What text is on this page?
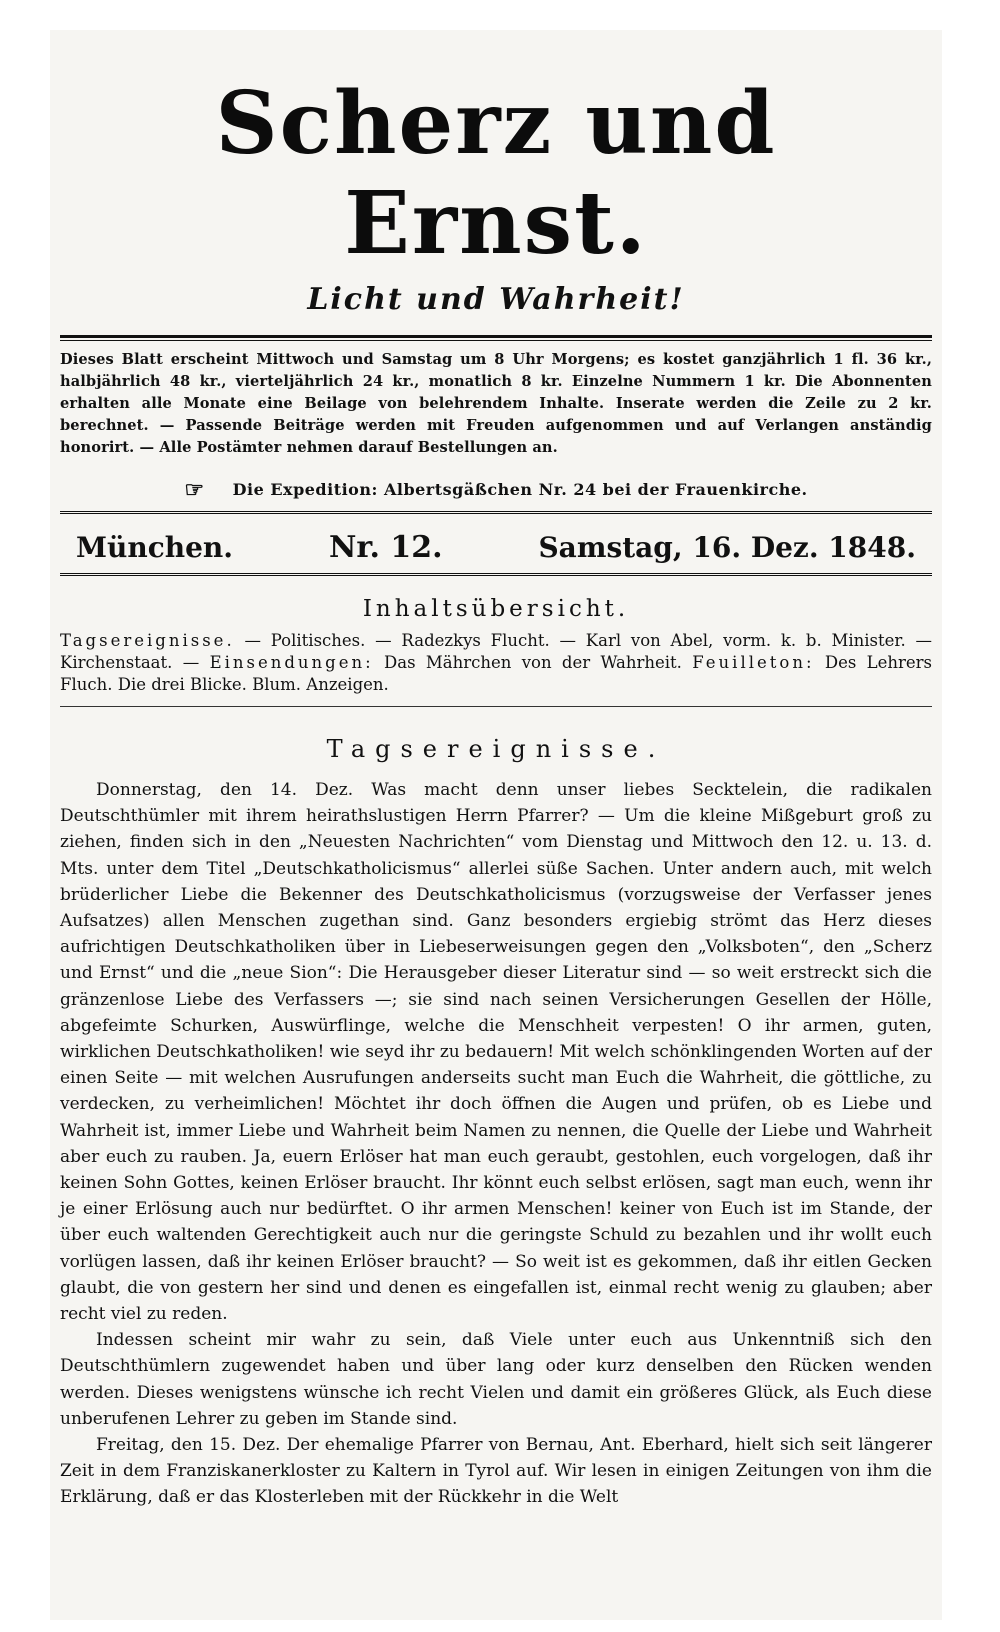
Scherz und Ernst.
Licht und Wahrheit!
Dieses Blatt erscheint Mittwoch und Samstag um 8 Uhr Morgens; es kostet ganzjährlich 1 fl. 36 kr., halbjährlich 48 kr., vierteljährlich 24 kr., monatlich 8 kr. Einzelne Nummern 1 kr. Die Abonnenten erhalten alle Monate eine Beilage von belehrendem Inhalte. Inserate werden die Zeile zu 2 kr. berechnet. — Passende Beiträge werden mit Freuden aufgenommen und auf Verlangen anständig honorirt. — Alle Postämter nehmen darauf Bestellungen an.
☞ Die Expedition: Albertsgäßchen Nr. 24 bei der Frauenkirche.
München.	Nr. 12.	Samstag, 16. Dez. 1848.
Inhaltsübersicht.
Tagsereignisse. — Politisches. — Radezkys Flucht. — Karl von Abel, vorm. k. b. Minister. — Kirchenstaat. — Einsendungen: Das Mährchen von der Wahrheit. Feuilleton: Des Lehrers Fluch. Die drei Blicke. Blum. Anzeigen.
Tagsereignisse.

Donnerstag, den 14. Dez. Was macht denn unser liebes Secktelein, die radikalen Deutschthümler mit ihrem heirathslustigen Herrn Pfarrer? — Um die kleine Mißgeburt groß zu ziehen, finden sich in den „Neuesten Nachrichten“ vom Dienstag und Mittwoch den 12. u. 13. d. Mts. unter dem Titel „Deutschkatholicismus“ allerlei süße Sachen. Unter andern auch, mit welch brüderlicher Liebe die Bekenner des Deutschkatholicismus (vorzugsweise der Verfasser jenes Aufsatzes) allen Menschen zugethan sind. Ganz besonders ergiebig strömt das Herz dieses aufrichtigen Deutschkatholiken über in Liebeserweisungen gegen den „Volksboten“, den „Scherz und Ernst“ und die „neue Sion“: Die Herausgeber dieser Literatur sind — so weit erstreckt sich die gränzenlose Liebe des Verfassers —; sie sind nach seinen Versicherungen Gesellen der Hölle, abgefeimte Schurken, Auswürflinge, welche die Menschheit verpesten! O ihr armen, guten, wirklichen Deutschkatholiken! wie seyd ihr zu bedauern! Mit welch schönklingenden Worten auf der einen Seite — mit welchen Ausrufungen anderseits sucht man Euch die Wahrheit, die göttliche, zu verdecken, zu verheimlichen! Möchtet ihr doch öffnen die Augen und prüfen, ob es Liebe und Wahrheit ist, immer Liebe und Wahrheit beim Namen zu nennen, die Quelle der Liebe und Wahrheit aber euch zu rauben. Ja, euern Erlöser hat man euch geraubt, gestohlen, euch vorgelogen, daß ihr keinen Sohn Gottes, keinen Erlöser braucht. Ihr könnt euch selbst erlösen, sagt man euch, wenn ihr je einer Erlösung auch nur bedürftet. O ihr armen Menschen! keiner von Euch ist im Stande, der über euch waltenden Gerechtigkeit auch nur die geringste Schuld zu bezahlen und ihr wollt euch vorlügen lassen, daß ihr keinen Erlöser braucht? — So weit ist es gekommen, daß ihr eitlen Gecken glaubt, die von gestern her sind und denen es eingefallen ist, einmal recht wenig zu glauben; aber recht viel zu reden.

Indessen scheint mir wahr zu sein, daß Viele unter euch aus Unkenntniß sich den Deutschthümlern zugewendet haben und über lang oder kurz denselben den Rücken wenden werden. Dieses wenigstens wünsche ich recht Vielen und damit ein größeres Glück, als Euch diese unberufenen Lehrer zu geben im Stande sind.

Freitag, den 15. Dez. Der ehemalige Pfarrer von Bernau, Ant. Eberhard, hielt sich seit längerer Zeit in dem Franziskanerkloster zu Kaltern in Tyrol auf. Wir lesen in einigen Zeitungen von ihm die Erklärung, daß er das Klosterleben mit der Rückkehr in die Welt
